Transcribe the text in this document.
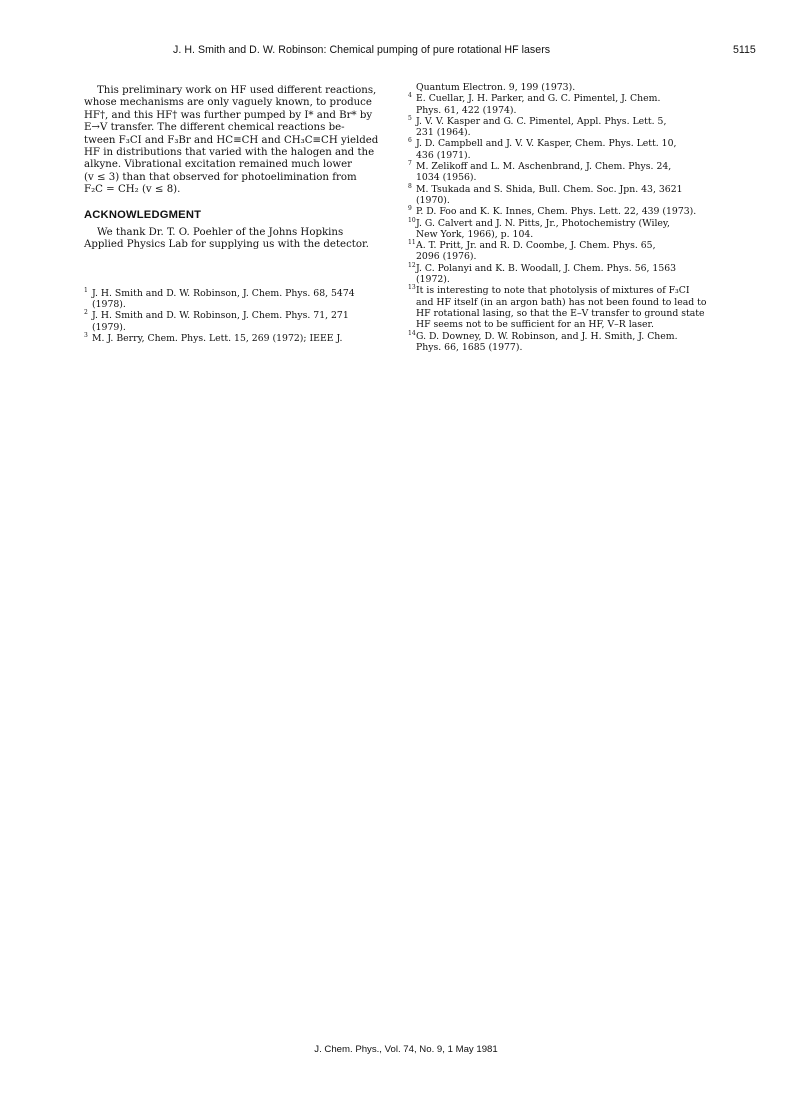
J. H. Smith and D. W. Robinson: Chemical pumping of pure rotational HF lasers	5115

This preliminary work on HF used different reactions,

whose mechanisms are only vaguely known, to produce

HF†, and this HF† was further pumped by I* and Br* by

E→V transfer. The different chemical reactions be-

tween F₃CI and F₃Br and HC≡CH and CH₃C≡CH yielded

HF in distributions that varied with the halogen and the

alkyne. Vibrational excitation remained much lower

(v ≤ 3) than that observed for photoelimination from

F₂C = CH₂ (v ≤ 8).

ACKNOWLEDGMENT

We thank Dr. T. O. Poehler of the Johns Hopkins

Applied Physics Lab for supplying us with the detector.

1 J. H. Smith and D. W. Robinson, J. Chem. Phys. 68, 5474
(1978).
2 J. H. Smith and D. W. Robinson, J. Chem. Phys. 71, 271
(1979).
3 M. J. Berry, Chem. Phys. Lett. 15, 269 (1972); IEEE J.
Quantum Electron. 9, 199 (1973).
4 E. Cuellar, J. H. Parker, and G. C. Pimentel, J. Chem.
Phys. 61, 422 (1974).
5 J. V. V. Kasper and G. C. Pimentel, Appl. Phys. Lett. 5,
231 (1964).
6 J. D. Campbell and J. V. V. Kasper, Chem. Phys. Lett. 10,
436 (1971).
7 M. Zelikoff and L. M. Aschenbrand, J. Chem. Phys. 24,
1034 (1956).
8 M. Tsukada and S. Shida, Bull. Chem. Soc. Jpn. 43, 3621
(1970).
9 P. D. Foo and K. K. Innes, Chem. Phys. Lett. 22, 439 (1973).
10 J. G. Calvert and J. N. Pitts, Jr., Photochemistry (Wiley,
New York, 1966), p. 104.
11 A. T. Pritt, Jr. and R. D. Coombe, J. Chem. Phys. 65,
2096 (1976).
12 J. C. Polanyi and K. B. Woodall, J. Chem. Phys. 56, 1563
(1972).
13 It is interesting to note that photolysis of mixtures of F₃CI
and HF itself (in an argon bath) has not been found to lead to
HF rotational lasing, so that the E–V transfer to ground state
HF seems not to be sufficient for an HF, V–R laser.
14 G. D. Downey, D. W. Robinson, and J. H. Smith, J. Chem.
Phys. 66, 1685 (1977).
J. Chem. Phys., Vol. 74, No. 9, 1 May 1981
